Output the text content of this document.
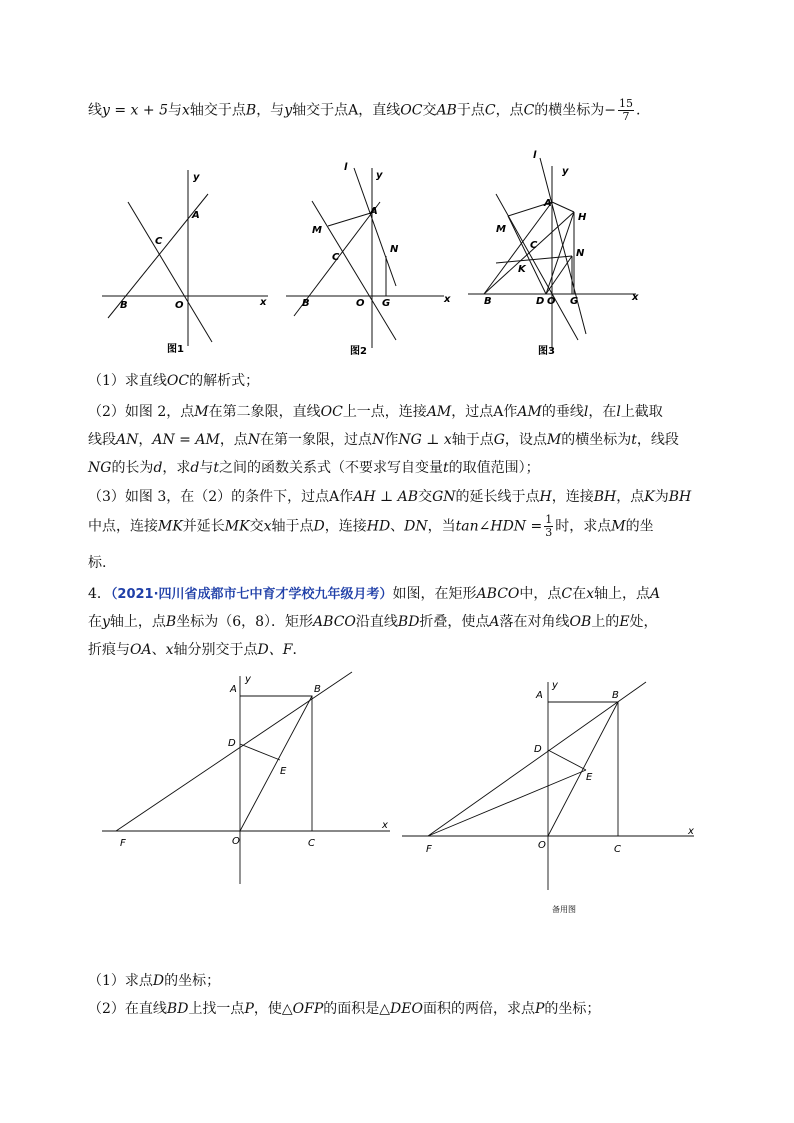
线y = x + 5与x轴交于点B，与y轴交于点A，直线OC交AB于点C，点C的横坐标为− $\frac{15}{7}$ .
x
y
A
C
B	O
图1
l
y
A
M
C
N
B	O G	x
图2
l
y
A
H
M
C
N
K
B	D O G	x
图3
（1）求直线OC的解析式；
（2）如图 2，点M在第二象限，直线OC上一点，连接AM，过点A作AM的垂线l，在l上截取
线段AN，AN = AM，点N在第一象限，过点N作NG ⊥ x轴于点G，设点M的横坐标为t，线段
NG的长为d，求d与t之间的函数关系式（不要求写自变量t的取值范围）；
（3）如图 3，在（2）的条件下，过点A作AH ⊥ AB交GN的延长线于点H，连接BH，点K为BH
中点，连接MK并延长MK交x轴于点D，连接HD、DN，当tan∠HDN = $\frac{1}{3}$ 时，求点M的坐
标.
4．（2021·四川省成都市七中育才学校九年级月考）如图，在矩形ABCO中，点C在x轴上，点A
在y轴上，点B坐标为（6，8）．矩形ABCO沿直线BD折叠，使点A落在对角线OB上的E处，
折痕与OA、x轴分别交于点D、F．
A
y
B
D
E
F	O	C
x
A
y
B
D
E
F	O	C
x
备用图
（1）求点D的坐标；
（2）在直线BD上找一点P，使△OFP的面积是△DEO面积的两倍，求点P的坐标；
